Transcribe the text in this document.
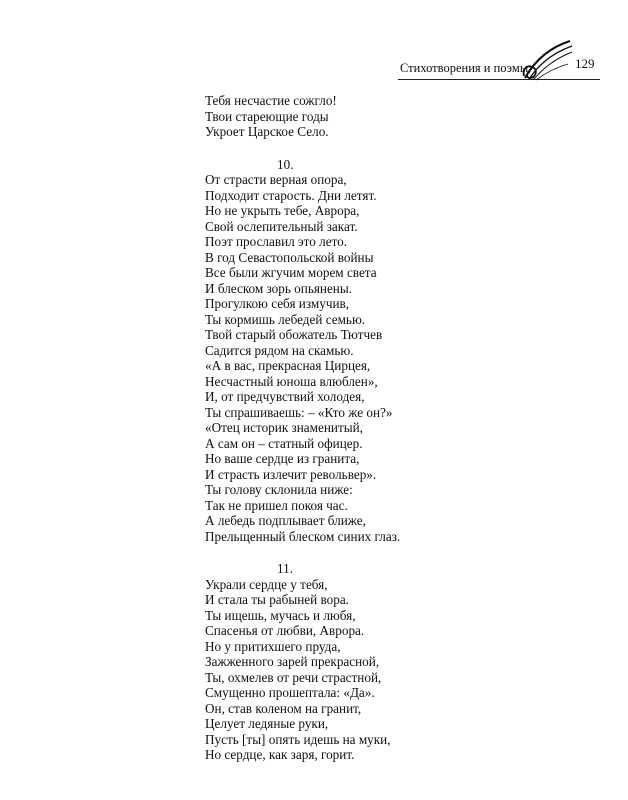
Стихотворения и поэмы	129
Тебя несчастие сожгло!
Твои стареющие годы
Укроет Царское Село.
10.
От страсти верная опора,
Подходит старость. Дни летят.
Но не укрыть тебе, Аврора,
Свой ослепительный закат.
Поэт прославил это лето.
В год Севастопольской войны
Все были жгучим морем света
И блеском зорь опьянены.
Прогулкою себя измучив,
Ты кормишь лебедей семью.
Твой старый обожатель Тютчев
Садится рядом на скамью.
«А в вас, прекрасная Цирцея,
Несчастный юноша влюблен»,
И, от предчувствий холодея,
Ты спрашиваешь: – «Кто же он?»
«Отец историк знаменитый,
А сам он – статный офицер.
Но ваше сердце из гранита,
И страсть излечит револьвер».
Ты голову склонила ниже:
Так не пришел покоя час.
А лебедь подплывает ближе,
Прельщенный блеском синих глаз.
11.
Украли сердце у тебя,
И стала ты рабыней вора.
Ты ищешь, мучась и любя,
Спасенья от любви, Аврора.
Но у притихшего пруда,
Зажженного зарей прекрасной,
Ты, охмелев от речи страстной,
Смущенно прошептала: «Да».
Он, став коленом на гранит,
Целует ледяные руки,
Пусть [ты] опять идешь на муки,
Но сердце, как заря, горит.
